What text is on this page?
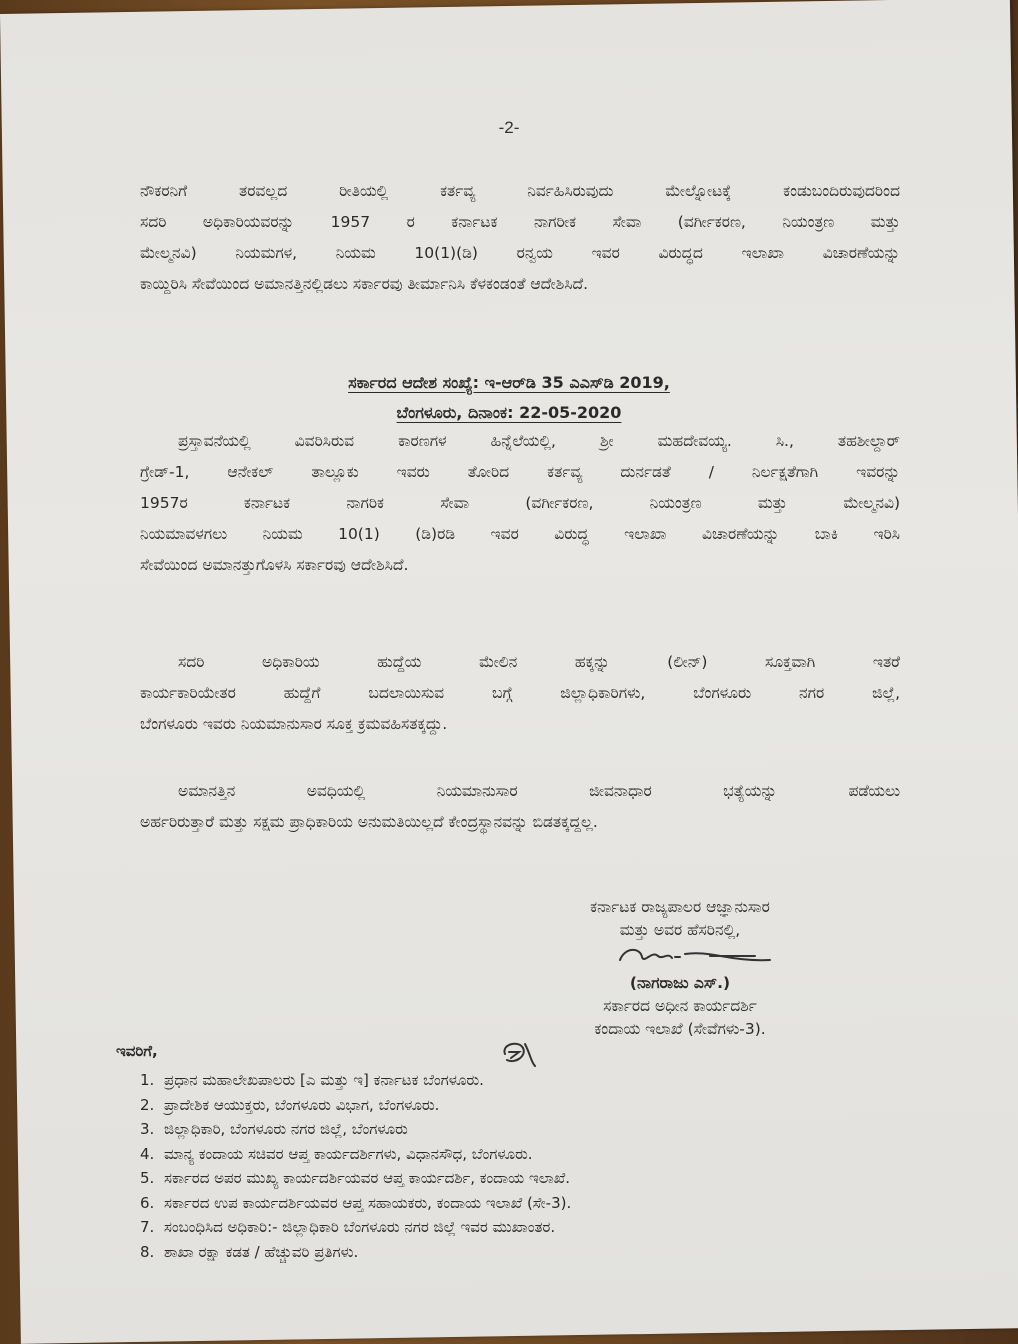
-2-
ನೌಕರನಿಗೆ ತರವಲ್ಲದ ರೀತಿಯಲ್ಲಿ ಕರ್ತವ್ಯ ನಿರ್ವಹಿಸಿರುವುದು ಮೇಲ್ನೋಟಕ್ಕೆ ಕಂಡುಬಂದಿರುವುದರಿಂದ
ಸದರಿ ಅಧಿಕಾರಿಯವರನ್ನು 1957 ರ ಕರ್ನಾಟಕ ನಾಗರೀಕ ಸೇವಾ (ವರ್ಗೀಕರಣ, ನಿಯಂತ್ರಣ ಮತ್ತು
ಮೇಲ್ಮನವಿ) ನಿಯಮಗಳ, ನಿಯಮ 10(1)(ಡಿ) ರನ್ವಯ ಇವರ ವಿರುದ್ಧದ ಇಲಾಖಾ ವಿಚಾರಣೆಯನ್ನು
ಕಾಯ್ದಿರಿಸಿ ಸೇವೆಯಿಂದ ಅಮಾನತ್ತಿನಲ್ಲಿಡಲು ಸರ್ಕಾರವು ತೀರ್ಮಾನಿಸಿ ಕೆಳಕಂಡಂತೆ ಆದೇಶಿಸಿದೆ.
ಸರ್ಕಾರದ ಆದೇಶ ಸಂಖ್ಯೆ: ಇ-ಆರ್‌ಡಿ 35 ಎಎಸ್‌ಡಿ 2019,
ಬೆಂಗಳೂರು, ದಿನಾಂಕ: 22-05-2020
ಪ್ರಸ್ತಾವನೆಯಲ್ಲಿ ವಿವರಿಸಿರುವ ಕಾರಣಗಳ ಹಿನ್ನೆಲೆಯಲ್ಲಿ, ಶ್ರೀ ಮಹದೇವಯ್ಯ. ಸಿ., ತಹಶೀಲ್ದಾರ್
ಗ್ರೇಡ್-1, ಆನೇಕಲ್ ತಾಲ್ಲೂಕು ಇವರು ತೋರಿದ ಕರ್ತವ್ಯ ದುರ್ನಡತೆ / ನಿರ್ಲಕ್ಷತೆಗಾಗಿ ಇವರನ್ನು
1957ರ ಕರ್ನಾಟಕ ನಾಗರಿಕ ಸೇವಾ (ವರ್ಗೀಕರಣ, ನಿಯಂತ್ರಣ ಮತ್ತು ಮೇಲ್ಮನವಿ)
ನಿಯಮಾವಳಗಲು ನಿಯಮ 10(1) (ಡಿ)ರಡಿ ಇವರ ವಿರುದ್ಧ ಇಲಾಖಾ ವಿಚಾರಣೆಯನ್ನು ಬಾಕಿ ಇರಿಸಿ
ಸೇವೆಯಿಂದ ಅಮಾನತ್ತುಗೊಳಸಿ ಸರ್ಕಾರವು ಆದೇಶಿಸಿದೆ.
ಸದರಿ ಅಧಿಕಾರಿಯ ಹುದ್ದೆಯ ಮೇಲಿನ ಹಕ್ಕನ್ನು (ಲೀನ್) ಸೂಕ್ತವಾಗಿ ಇತರೆ
ಕಾರ್ಯಕಾರಿಯೇತರ ಹುದ್ದೆಗೆ ಬದಲಾಯಿಸುವ ಬಗ್ಗೆ ಜಿಲ್ಲಾಧಿಕಾರಿಗಳು, ಬೆಂಗಳೂರು ನಗರ ಜಿಲ್ಲೆ,
ಬೆಂಗಳೂರು ಇವರು ನಿಯಮಾನುಸಾರ ಸೂಕ್ತ ಕ್ರಮವಹಿಸತಕ್ಕದ್ದು.
ಅಮಾನತ್ತಿನ ಅವಧಿಯಲ್ಲಿ ನಿಯಮಾನುಸಾರ ಜೀವನಾಧಾರ ಭತ್ಯೆಯನ್ನು ಪಡೆಯಲು
ಅರ್ಹರಿರುತ್ತಾರೆ ಮತ್ತು ಸಕ್ಷಮ ಪ್ರಾಧಿಕಾರಿಯ ಅನುಮತಿಯಿಲ್ಲದೆ ಕೇಂದ್ರಸ್ಥಾನವನ್ನು ಬಿಡತಕ್ಕದ್ದಲ್ಲ.
ಕರ್ನಾಟಕ ರಾಜ್ಯಪಾಲರ ಆಜ್ಞಾನುಸಾರ
ಮತ್ತು ಅವರ ಹೆಸರಿನಲ್ಲಿ,
(ನಾಗರಾಜು ಎಸ್.)
ಸರ್ಕಾರದ ಅಧೀನ ಕಾರ್ಯದರ್ಶಿ
ಕಂದಾಯ ಇಲಾಖೆ (ಸೇವೆಗಳು-3).
ಇವರಿಗೆ,
1. ಪ್ರಧಾನ ಮಹಾಲೇಖಪಾಲರು [ಎ ಮತ್ತು ಇ] ಕರ್ನಾಟಕ ಬೆಂಗಳೂರು.
2. ಪ್ರಾದೇಶಿಕ ಆಯುಕ್ತರು, ಬೆಂಗಳೂರು ವಿಭಾಗ, ಬೆಂಗಳೂರು.
3. ಜಿಲ್ಲಾಧಿಕಾರಿ, ಬೆಂಗಳೂರು ನಗರ ಜಿಲ್ಲೆ, ಬೆಂಗಳೂರು
4. ಮಾನ್ಯ ಕಂದಾಯ ಸಚಿವರ ಆಪ್ತ ಕಾರ್ಯದರ್ಶಿಗಳು, ವಿಧಾನಸೌಧ, ಬೆಂಗಳೂರು.
5. ಸರ್ಕಾರದ ಅಪರ ಮುಖ್ಯ ಕಾರ್ಯದರ್ಶಿಯವರ ಆಪ್ತ ಕಾರ್ಯದರ್ಶಿ, ಕಂದಾಯ ಇಲಾಖೆ.
6. ಸರ್ಕಾರದ ಉಪ ಕಾರ್ಯದರ್ಶಿಯವರ ಆಪ್ತ ಸಹಾಯಕರು, ಕಂದಾಯ ಇಲಾಖೆ (ಸೇ-3).
7. ಸಂಬಂಧಿಸಿದ ಅಧಿಕಾರಿ:- ಜಿಲ್ಲಾಧಿಕಾರಿ ಬೆಂಗಳೂರು ನಗರ ಜಿಲ್ಲೆ ಇವರ ಮುಖಾಂತರ.
8. ಶಾಖಾ ರಕ್ಷಾ ಕಡತ / ಹೆಚ್ಚುವರಿ ಪ್ರತಿಗಳು.
